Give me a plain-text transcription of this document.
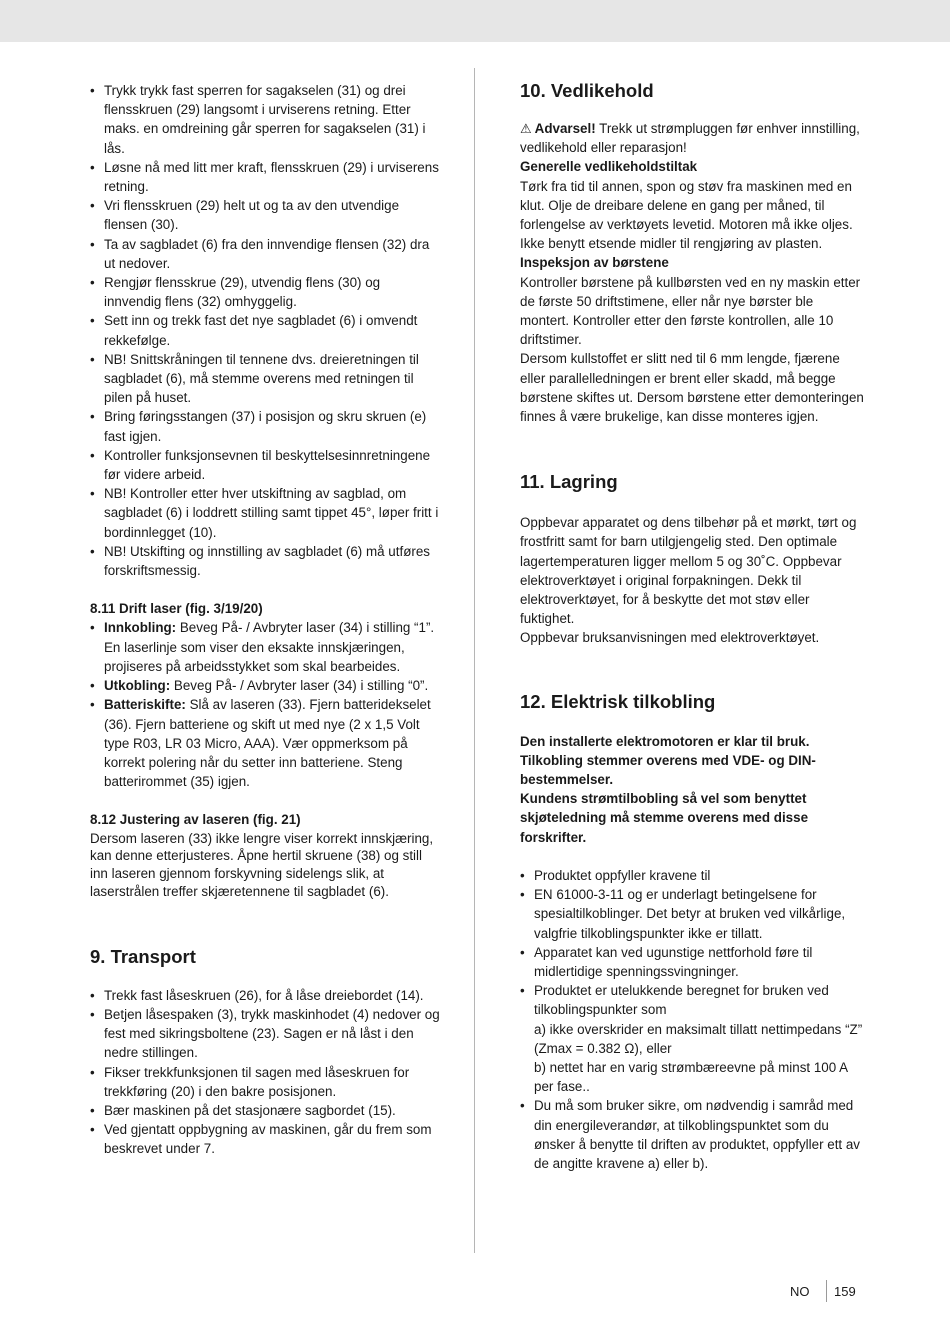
• Trykk trykk fast sperren for sagakselen (31) og drei flensskruen (29) langsomt i urviserens retning. Etter maks. en omdreining går sperren for sagakselen (31) i lås.
• Løsne nå med litt mer kraft, flensskruen (29) i urviserens retning.
• Vri flensskruen (29) helt ut og ta av den utvendige flensen (30).
• Ta av sagbladet (6) fra den innvendige flensen (32) dra ut nedover.
• Rengjør flensskrue (29), utvendig flens (30) og innvendig flens (32) omhyggelig.
• Sett inn og trekk fast det nye sagbladet (6) i omvendt rekkefølge.
• NB! Snittskråningen til tennene dvs. dreieretningen til sagbladet (6), må stemme overens med retningen til pilen på huset.
• Bring føringsstangen (37) i posisjon og skru skruen (e) fast igjen.
• Kontroller funksjonsevnen til beskyttelsesinnretningene før videre arbeid.
• NB! Kontroller etter hver utskiftning av sagblad, om sagbladet (6) i loddrett stilling samt tippet 45°, løper fritt i bordinnlegget (10).
• NB! Utskifting og innstilling av sagbladet (6) må utføres forskriftsmessig.

8.11 Drift laser (fig. 3/19/20)

• Innkobling: Beveg På- / Avbryter laser (34) i stilling “1”. En laserlinje som viser den eksakte innskjæringen, projiseres på arbeidsstykket som skal bearbeides.
• Utkobling: Beveg På- / Avbryter laser (34) i stilling “0”.
• Batteriskifte: Slå av laseren (33). Fjern batteridekselet (36). Fjern batteriene og skift ut med nye (2 x 1,5 Volt type R03, LR 03 Micro, AAA). Vær oppmerksom på korrekt polering når du setter inn batteriene. Steng batterirommet (35) igjen.

8.12 Justering av laseren (fig. 21)

Dersom laseren (33) ikke lengre viser korrekt innskjæring, kan denne etterjusteres. Åpne hertil skruene (38) og still inn laseren gjennom forskyvning sidelengs slik, at laserstrålen treffer skjæretennene til sagbladet (6).

9. Transport
• Trekk fast låseskruen (26), for å låse dreiebordet (14).
• Betjen låsespaken (3), trykk maskinhodet (4) nedover og fest med sikringsboltene (23). Sagen er nå låst i den nedre stillingen.
• Fikser trekkfunksjonen til sagen med låseskruen for trekkføring (20) i den bakre posisjonen.
• Bær maskinen på det stasjonære sagbordet (15).
• Ved gjentatt oppbygning av maskinen, går du frem som beskrevet under 7.
10. Vedlikehold

⚠ Advarsel! Trekk ut strømpluggen før enhver innstilling, vedlikehold eller reparasjon!

Generelle vedlikeholdstiltak

Tørk fra tid til annen, spon og støv fra maskinen med en klut. Olje de dreibare delene en gang per måned, til forlengelse av verktøyets levetid. Motoren må ikke oljes.

Ikke benytt etsende midler til rengjøring av plasten.

Inspeksjon av børstene

Kontroller børstene på kullbørsten ved en ny maskin etter de første 50 driftstimene, eller når nye børster ble montert. Kontroller etter den første kontrollen, alle 10 driftstimer.

Dersom kullstoffet er slitt ned til 6 mm lengde, fjærene eller parallelledningen er brent eller skadd, må begge børstene skiftes ut. Dersom børstene etter demonteringen finnes å være brukelige, kan disse monteres igjen.

11. Lagring

Oppbevar apparatet og dens tilbehør på et mørkt, tørt og frostfritt samt for barn utilgjengelig sted. Den optimale lagertemperaturen ligger mellom 5 og 30˚C. Oppbevar elektroverktøyet i original forpakningen. Dekk til elektroverktøyet, for å beskytte det mot støv eller fuktighet.

Oppbevar bruksanvisningen med elektroverktøyet.

12. Elektrisk tilkobling

Den installerte elektromotoren er klar til bruk. Tilkobling stemmer overens med VDE- og DIN-bestemmelser.

Kundens strømtilbobling så vel som benyttet skjøteledning må stemme overens med disse forskrifter.

• Produktet oppfyller kravene til
• EN 61000-3-11 og er underlagt betingelsene for spesialtilkoblinger. Det betyr at bruken ved vilkårlige, valgfrie tilkoblingspunkter ikke er tillatt.
• Apparatet kan ved ugunstige nettforhold føre til midlertidige spenningssvingninger.
• Produktet er utelukkende beregnet for bruken ved tilkoblingspunkter som
a) ikke overskrider en maksimalt tillatt nettimpedans “Z” (Zmax = 0.382 Ω), eller
b) nettet har en varig strømbæreevne på minst 100 A per fase..
• Du må som bruker sikre, om nødvendig i samråd med din energileverandør, at tilkoblingspunktet som du ønsker å benytte til driften av produktet, oppfyller ett av de angitte kravene a) eller b).
NO 159
